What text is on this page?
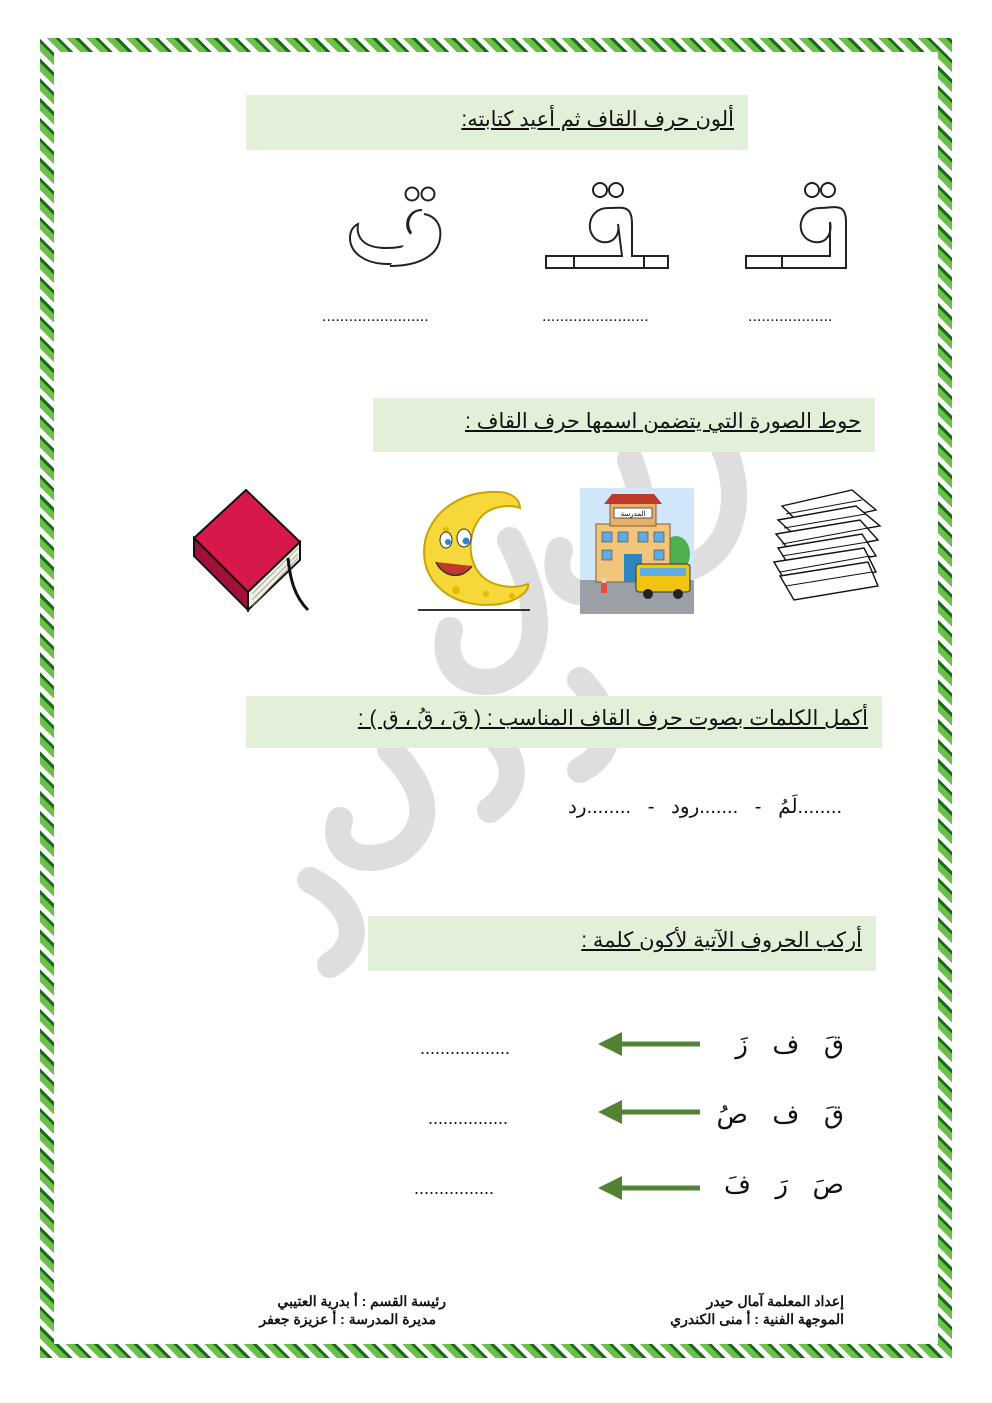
ألون حرف القاف ثم أعيد كتابته:
...................
........................
........................
حوط الصورة التي يتضمن اسمها حرف القاف :
المدرسة
أكمل الكلمات بصوت حرف القاف المناسب : ( قَ ، قُ ، ق ) :
........لَمُ   -   .......رود   -   ........رد
أركب الحروف الآتية لأكون كلمة :
قَ ف زَ
..................
قَ ف صُ
................
صَ رَ فَ
................
إعداد المعلمة آمال حيدر
الموجهة الفنية : أ منى الكندري
رئيسة القسم : أ بدرية العتيبي
مديرة المدرسة : أ عزيزة جعفر
